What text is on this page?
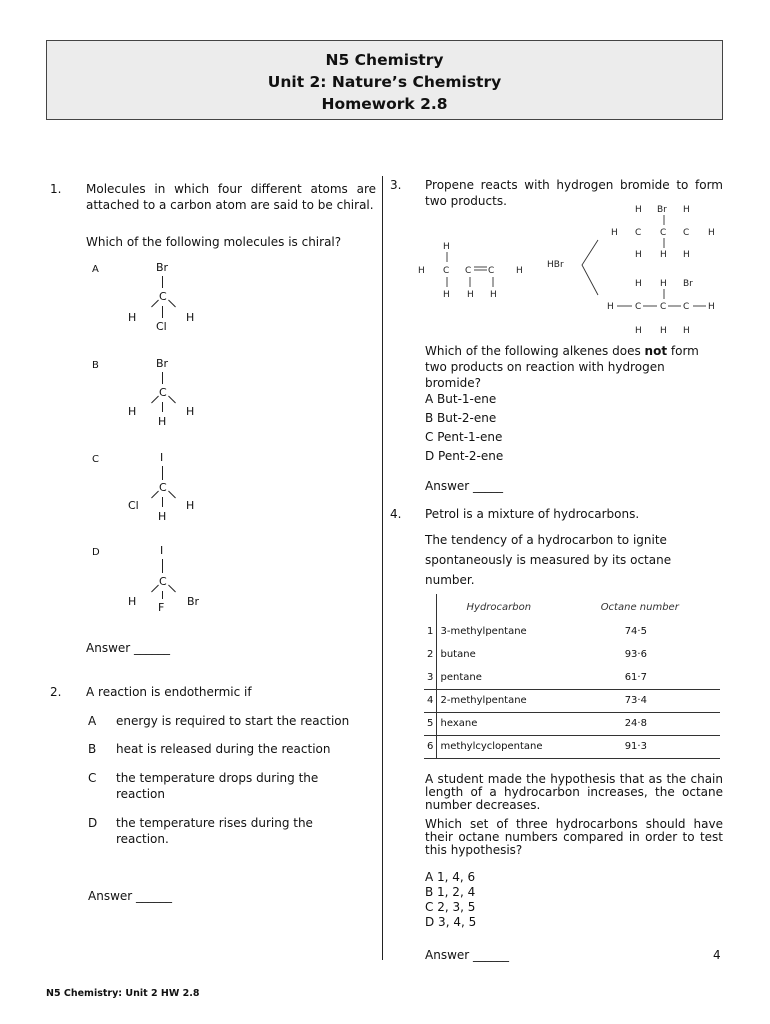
N5 Chemistry
Unit 2: Nature’s Chemistry
Homework 2.8
1. Molecules in which four different atoms are attached to a carbon atom are said to be chiral.
Which of the following molecules is chiral?
A	Br
C
H	H
Cl
B	Br
C
H	H
H
C	I
C
Cl	H
H
D	I
C
H	Br
F
Answer ______
2. A reaction is endothermic if
A energy is required to start the reaction
B heat is released during the reaction
C the temperature drops during the reaction
D the temperature rises during the reaction.
Answer ______
3. Propene reacts with hydrogen bromide to form two products.
H
H C C C H
H H H
HBr
H Br H
H C C C H
H H H
H H Br
H C C C H
H H H
Which of the following alkenes does not form two products on reaction with hydrogen bromide?
A But-1-ene
B But-2-ene
C Pent-1-ene
D Pent-2-ene
Answer _____
4. Petrol is a mixture of hydrocarbons.
The tendency of a hydrocarbon to ignite spontaneously is measured by its octane number.
	Hydrocarbon	Octane number
1	3-methylpentane	74·5
2	butane	93·6
3	pentane	61·7
4	2-methylpentane	73·4
5	hexane	24·8
6	methylcyclopentane	91·3
A student made the hypothesis that as the chain length of a hydrocarbon increases, the octane number decreases.
Which set of three hydrocarbons should have their octane numbers compared in order to test this hypothesis?
A 1, 4, 6
B 1, 2, 4
C 2, 3, 5
D 3, 4, 5
Answer ______	4
N5 Chemistry: Unit 2 HW 2.8
